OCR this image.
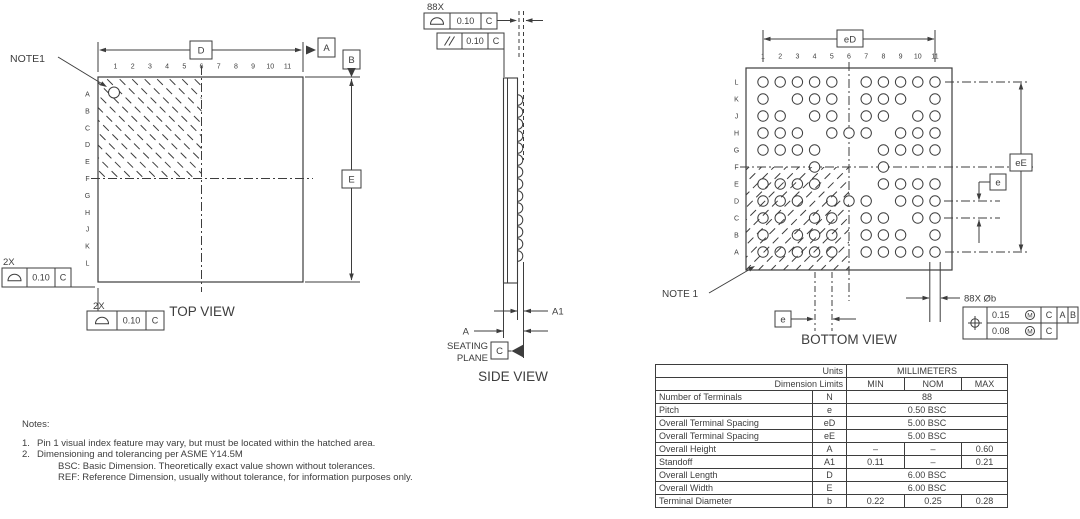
1 2 3 4 5 6 7 8 9 10 11
A
B
C
D
E
F
G
H
J
K
L
D	A
B
E
NOTE1
2X
0.10 C
2X
0.10 C
TOP VIEW
88X
0.10 C
0.10 C
A1
A
SEATING
PLANE
C
SIDE VIEW
1 2 3 4 5 6 7 8 9 10 11
L
K
J
H
G
F
E
D
C
B
A
eD
eE
e
e
88X Øb
0.15	M C A B
0.08	M C
NOTE 1
BOTTOM VIEW
Notes:
1. Pin 1 visual index feature may vary, but must be located within the hatched area.
2. Dimensioning and tolerancing per ASME Y14.5M
BSC: Basic Dimension. Theoretically exact value shown without tolerances.
REF: Reference Dimension, usually without tolerance, for information purposes only.
Units		MILLIMETERS		
Dimension Limits		MIN	NOM	MAX
Number of Terminals	N	88		
Pitch	e	0.50 BSC		
Overall Terminal Spacing	eD	5.00 BSC		
Overall Terminal Spacing	eE	5.00 BSC		
Overall Height	A	–	–	0.60
Standoff	A1	0.11	–	0.21
Overall Length	D	6.00 BSC		
Overall Width	E	6.00 BSC		
Terminal Diameter	b	0.22	0.25	0.28
